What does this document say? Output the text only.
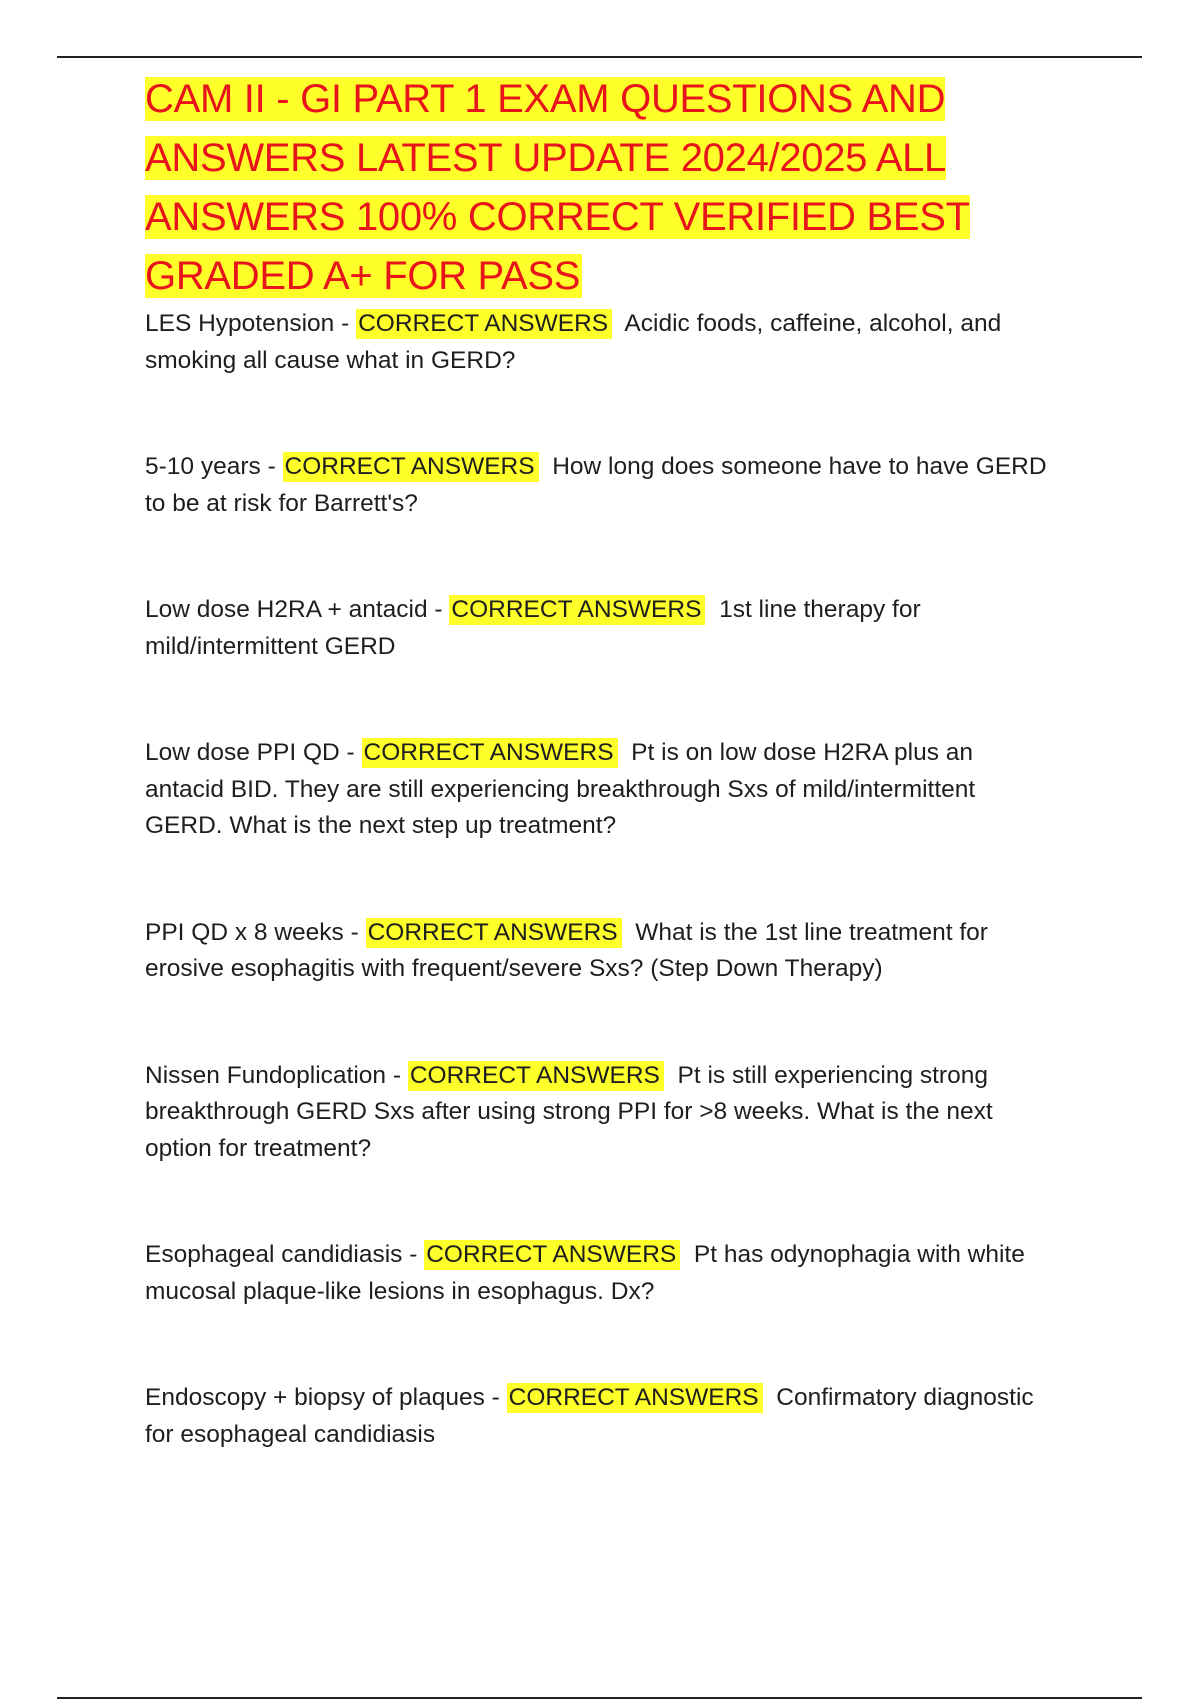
CAM II - GI PART 1 EXAM QUESTIONS AND ANSWERS LATEST UPDATE 2024/2025 ALL ANSWERS 100% CORRECT VERIFIED BEST GRADED A+ FOR PASS
LES Hypotension - CORRECT ANSWERS Acidic foods, caffeine, alcohol, and smoking all cause what in GERD?
5-10 years - CORRECT ANSWERS How long does someone have to have GERD to be at risk for Barrett's?
Low dose H2RA + antacid - CORRECT ANSWERS 1st line therapy for mild/intermittent GERD
Low dose PPI QD - CORRECT ANSWERS Pt is on low dose H2RA plus an antacid BID. They are still experiencing breakthrough Sxs of mild/intermittent GERD. What is the next step up treatment?
PPI QD x 8 weeks - CORRECT ANSWERS What is the 1st line treatment for erosive esophagitis with frequent/severe Sxs? (Step Down Therapy)
Nissen Fundoplication - CORRECT ANSWERS Pt is still experiencing strong breakthrough GERD Sxs after using strong PPI for >8 weeks. What is the next option for treatment?
Esophageal candidiasis - CORRECT ANSWERS Pt has odynophagia with white mucosal plaque-like lesions in esophagus. Dx?
Endoscopy + biopsy of plaques - CORRECT ANSWERS Confirmatory diagnostic for esophageal candidiasis
